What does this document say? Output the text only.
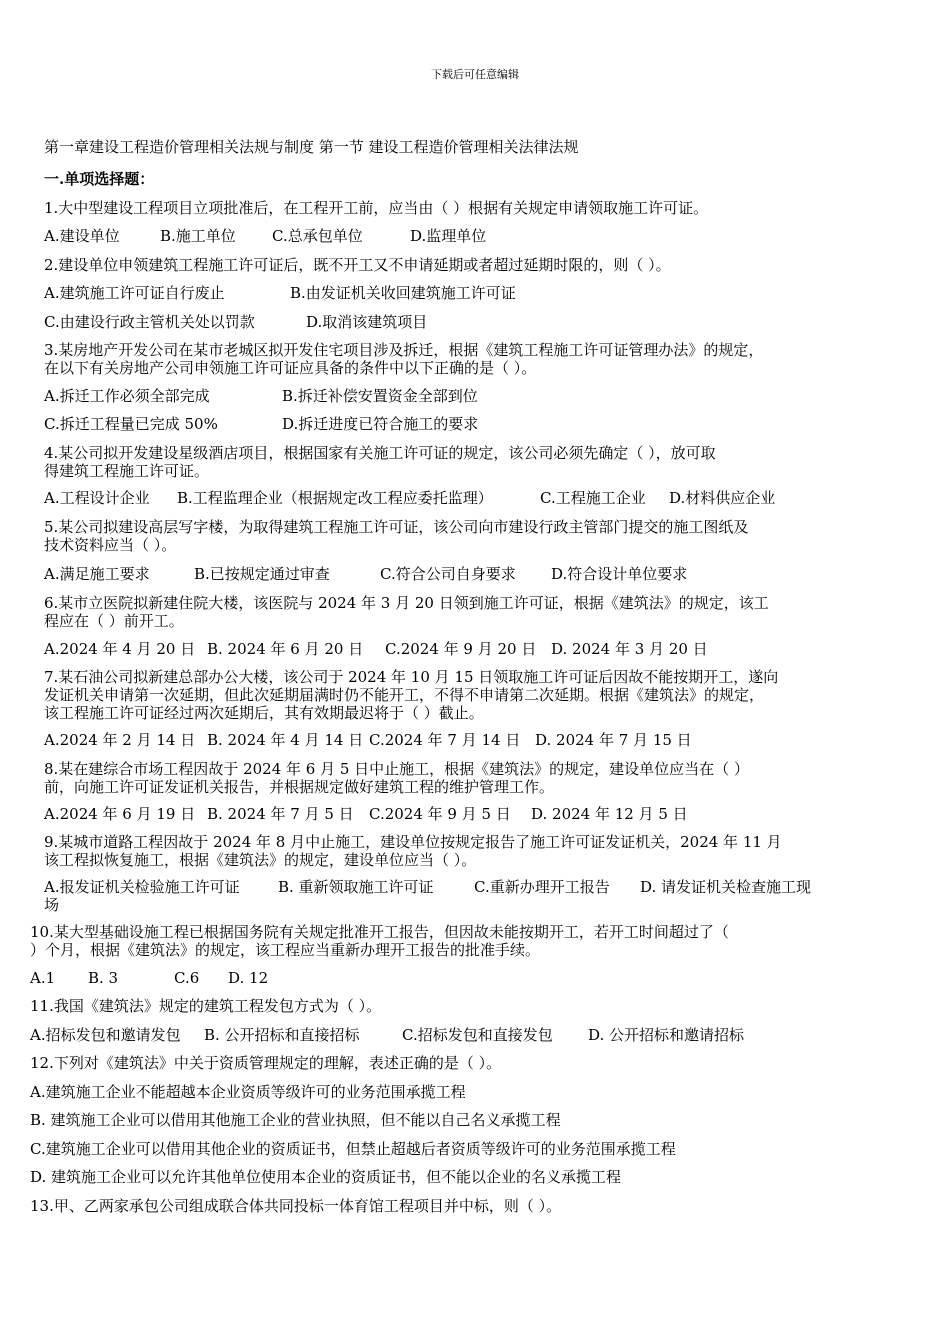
下载后可任意编辑
第一章建设工程造价管理相关法规与制度 第一节 建设工程造价管理相关法律法规
一.单项选择题：
1.大中型建设工程项目立项批准后，在工程开工前，应当由（ ）根据有关规定申请领取施工许可证。
A.建设单位	B.施工单位 C.总承包单位	D.监理单位
2.建设单位申领建筑工程施工许可证后，既不开工又不申请延期或者超过延期时限的，则（ ）。
A.建筑施工许可证自行废止	B.由发证机关收回建筑施工许可证
C.由建设行政主管机关处以罚款	D.取消该建筑项目
3.某房地产开发公司在某市老城区拟开发住宅项目涉及拆迁，根据《建筑工程施工许可证管理办法》的规定，
在以下有关房地产公司申领施工许可证应具备的条件中以下正确的是（ ）。
A.拆迁工作必须全部完成	B.拆迁补偿安置资金全部到位
C.拆迁工程量已完成 50%	D.拆迁进度已符合施工的要求
4.某公司拟开发建设星级酒店项目，根据国家有关施工许可证的规定，该公司必须先确定（ ），放可取
得建筑工程施工许可证。
A.工程设计企业 B.工程监理企业（根据规定改工程应委托监理）	C.工程施工企业 D.材料供应企业
5.某公司拟建设高层写字楼，为取得建筑工程施工许可证，该公司向市建设行政主管部门提交的施工图纸及
技术资料应当（ ）。
A.满足施工要求	B.已按规定通过审查	C.符合公司自身要求 D.符合设计单位要求
6.某市立医院拟新建住院大楼，该医院与 2024 年 3 月 20 日领到施工许可证，根据《建筑法》的规定，该工
程应在（ ）前开工。
A.2024 年 4 月 20 日 B. 2024 年 6 月 20 日 C.2024 年 9 月 20 日 D. 2024 年 3 月 20 日
7.某石油公司拟新建总部办公大楼，该公司于 2024 年 10 月 15 日领取施工许可证后因故不能按期开工，遂向
发证机关申请第一次延期，但此次延期届满时仍不能开工，不得不申请第二次延期。根据《建筑法》的规定，
该工程施工许可证经过两次延期后，其有效期最迟将于（ ）截止。
A.2024 年 2 月 14 日 B. 2024 年 4 月 14 日 C.2024 年 7 月 14 日 D. 2024 年 7 月 15 日
8.某在建综合市场工程因故于 2024 年 6 月 5 日中止施工，根据《建筑法》的规定，建设单位应当在（ ）
前，向施工许可证发证机关报告，并根据规定做好建筑工程的维护管理工作。
A.2024 年 6 月 19 日 B. 2024 年 7 月 5 日 C.2024 年 9 月 5 日 D. 2024 年 12 月 5 日
9.某城市道路工程因故于 2024 年 8 月中止施工，建设单位按规定报告了施工许可证发证机关，2024 年 11 月
该工程拟恢复施工，根据《建筑法》的规定，建设单位应当（ ）。
A.报发证机关检验施工许可证	B. 重新领取施工许可证	C.重新办理开工报告 D. 请发证机关检查施工现
场
10.某大型基础设施工程已根据国务院有关规定批准开工报告，但因故未能按期开工，若开工时间超过了（
）个月，根据《建筑法》的规定，该工程应当重新办理开工报告的批准手续。
A.1 B. 3	C.6 D. 12
11.我国《建筑法》规定的建筑工程发包方式为（ ）。
A.招标发包和邀请发包 B. 公开招标和直接招标	C.招标发包和直接发包 D. 公开招标和邀请招标
12.下列对《建筑法》中关于资质管理规定的理解，表述正确的是（ ）。
A.建筑施工企业不能超越本企业资质等级许可的业务范围承揽工程
B. 建筑施工企业可以借用其他施工企业的营业执照，但不能以自己名义承揽工程
C.建筑施工企业可以借用其他企业的资质证书，但禁止超越后者资质等级许可的业务范围承揽工程
D. 建筑施工企业可以允许其他单位使用本企业的资质证书，但不能以企业的名义承揽工程
13.甲、乙两家承包公司组成联合体共同投标一体育馆工程项目并中标，则（ ）。
